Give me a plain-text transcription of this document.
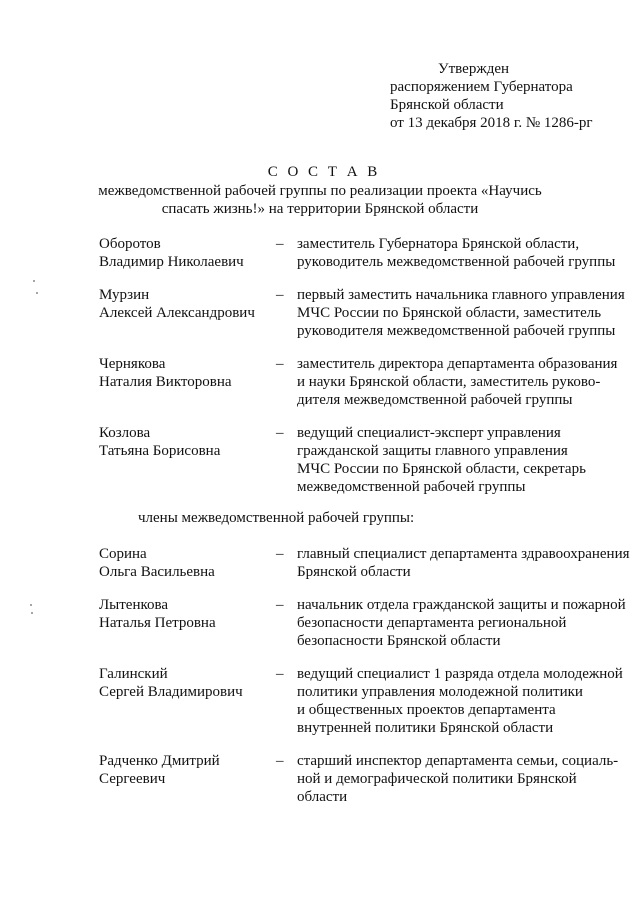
Утвержден
распоряжением Губернатора
Брянской области
от 13 декабря 2018 г. № 1286-рг
С О С Т А В
межведомственной рабочей группы по реализации проекта «Научись
спасать жизнь!» на территории Брянской области
Оборотов
Владимир Николаевич
– заместитель Губернатора Брянской области,
руководитель межведомственной рабочей группы
Мурзин
Алексей Александрович
– первый заместить начальника главного управления
МЧС России по Брянской области, заместитель
руководителя межведомственной рабочей группы
Чернякова
Наталия Викторовна
– заместитель директора департамента образования
и науки Брянской области, заместитель руково-
дителя межведомственной рабочей группы
Козлова
Татьяна Борисовна
– ведущий специалист-эксперт управления
гражданской защиты главного управления
МЧС России по Брянской области, секретарь
межведомственной рабочей группы
члены межведомственной рабочей группы:
Сорина
Ольга Васильевна
– главный специалист департамента здравоохранения
Брянской области
Лытенкова
Наталья Петровна
– начальник отдела гражданской защиты и пожарной
безопасности департамента региональной
безопасности Брянской области
Галинский
Сергей Владимирович
– ведущий специалист 1 разряда отдела молодежной
политики управления молодежной политики
и общественных проектов департамента
внутренней политики Брянской области
Радченко Дмитрий
Сергеевич
– старший инспектор департамента семьи, социаль-
ной и демографической политики Брянской
области
